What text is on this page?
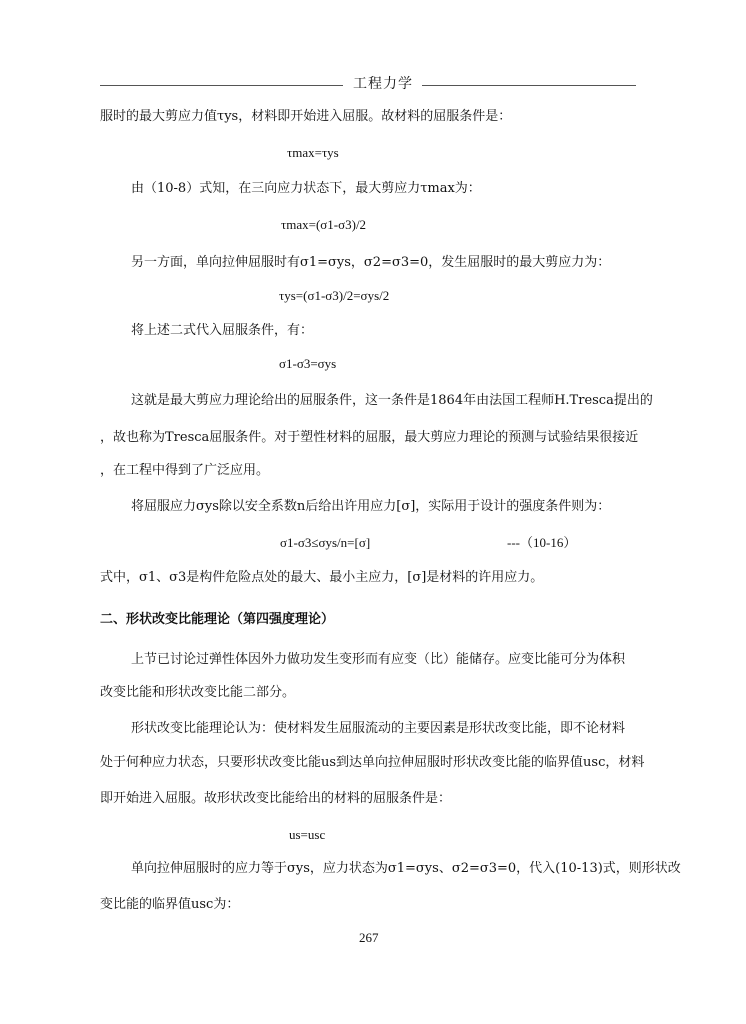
工程力学
服时的最大剪应力值τys，材料即开始进入屈服。故材料的屈服条件是：
τmax=τys
由（10-8）式知，在三向应力状态下，最大剪应力τmax为：
τmax=(σ1-σ3)/2
另一方面，单向拉伸屈服时有σ1=σys，σ2=σ3=0，发生屈服时的最大剪应力为：
τys=(σ1-σ3)/2=σys/2
将上述二式代入屈服条件，有：
σ1-σ3=σys
这就是最大剪应力理论给出的屈服条件，这一条件是1864年由法国工程师H.Tresca提出的
，故也称为Tresca屈服条件。对于塑性材料的屈服，最大剪应力理论的预测与试验结果很接近
，在工程中得到了广泛应用。
将屈服应力σys除以安全系数n后给出许用应力[σ]，实际用于设计的强度条件则为：
σ1-σ3≤σys/n=[σ]	---（10-16）
式中，σ1、σ3是构件危险点处的最大、最小主应力，[σ]是材料的许用应力。
二、形状改变比能理论（第四强度理论）
上节已讨论过弹性体因外力做功发生变形而有应变（比）能储存。应变比能可分为体积
改变比能和形状改变比能二部分。
形状改变比能理论认为：使材料发生屈服流动的主要因素是形状改变比能，即不论材料
处于何种应力状态，只要形状改变比能us到达单向拉伸屈服时形状改变比能的临界值usc，材料
即开始进入屈服。故形状改变比能给出的材料的屈服条件是：
us=usc
单向拉伸屈服时的应力等于σys，应力状态为σ1=σys、σ2=σ3=0，代入(10-13)式，则形状改
变比能的临界值usc为：
267
